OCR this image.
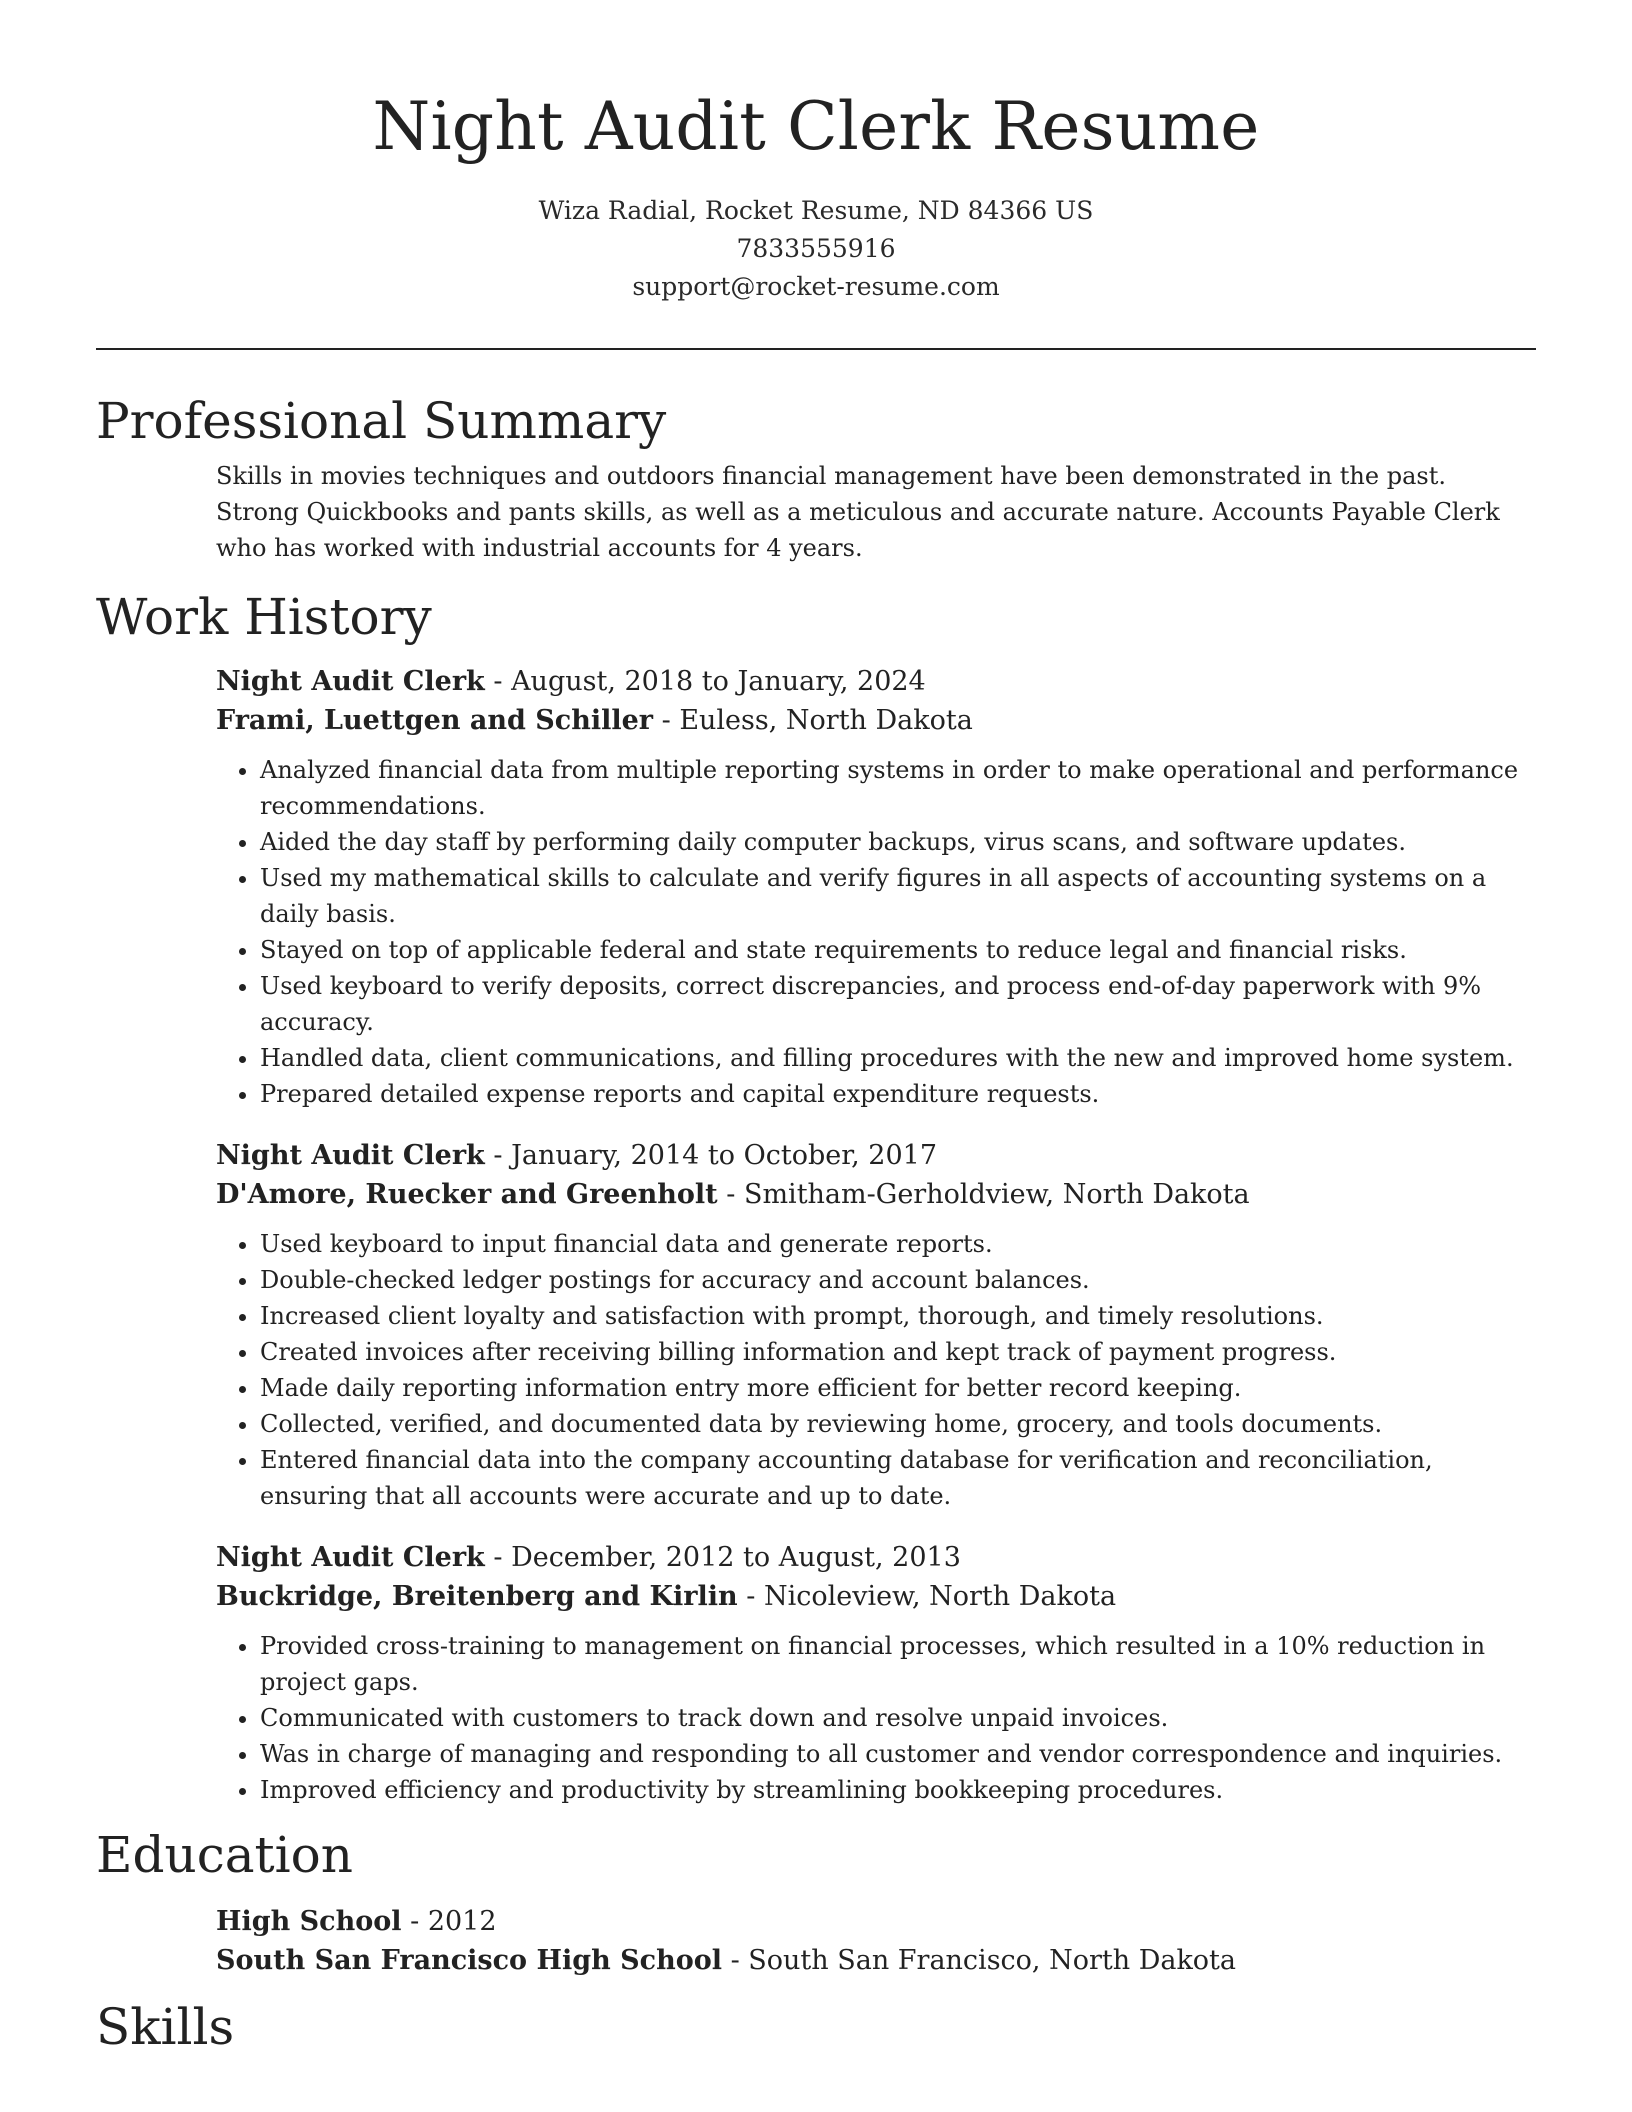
Night Audit Clerk Resume
Wiza Radial, Rocket Resume, ND 84366 US
7833555916
support@rocket-resume.com
Professional Summary

Skills in movies techniques and outdoors financial management have been demonstrated in the past. Strong Quickbooks and pants skills, as well as a meticulous and accurate nature. Accounts Payable Clerk who has worked with industrial accounts for 4 years.

Work History
Night Audit Clerk - August, 2018 to January, 2024
Frami, Luettgen and Schiller - Euless, North Dakota
• Analyzed financial data from multiple reporting systems in order to make operational and performance recommendations.
• Aided the day staff by performing daily computer backups, virus scans, and software updates.
• Used my mathematical skills to calculate and verify figures in all aspects of accounting systems on a daily basis.
• Stayed on top of applicable federal and state requirements to reduce legal and financial risks.
• Used keyboard to verify deposits, correct discrepancies, and process end-of-day paperwork with 9% accuracy.
• Handled data, client communications, and filling procedures with the new and improved home system.
• Prepared detailed expense reports and capital expenditure requests.
Night Audit Clerk - January, 2014 to October, 2017
D'Amore, Ruecker and Greenholt - Smitham-Gerholdview, North Dakota
• Used keyboard to input financial data and generate reports.
• Double-checked ledger postings for accuracy and account balances.
• Increased client loyalty and satisfaction with prompt, thorough, and timely resolutions.
• Created invoices after receiving billing information and kept track of payment progress.
• Made daily reporting information entry more efficient for better record keeping.
• Collected, verified, and documented data by reviewing home, grocery, and tools documents.
• Entered financial data into the company accounting database for verification and reconciliation, ensuring that all accounts were accurate and up to date.
Night Audit Clerk - December, 2012 to August, 2013
Buckridge, Breitenberg and Kirlin - Nicoleview, North Dakota
• Provided cross-training to management on financial processes, which resulted in a 10% reduction in project gaps.
• Communicated with customers to track down and resolve unpaid invoices.
• Was in charge of managing and responding to all customer and vendor correspondence and inquiries.
• Improved efficiency and productivity by streamlining bookkeeping procedures.
Education
High School - 2012
South San Francisco High School - South San Francisco, North Dakota
Skills
